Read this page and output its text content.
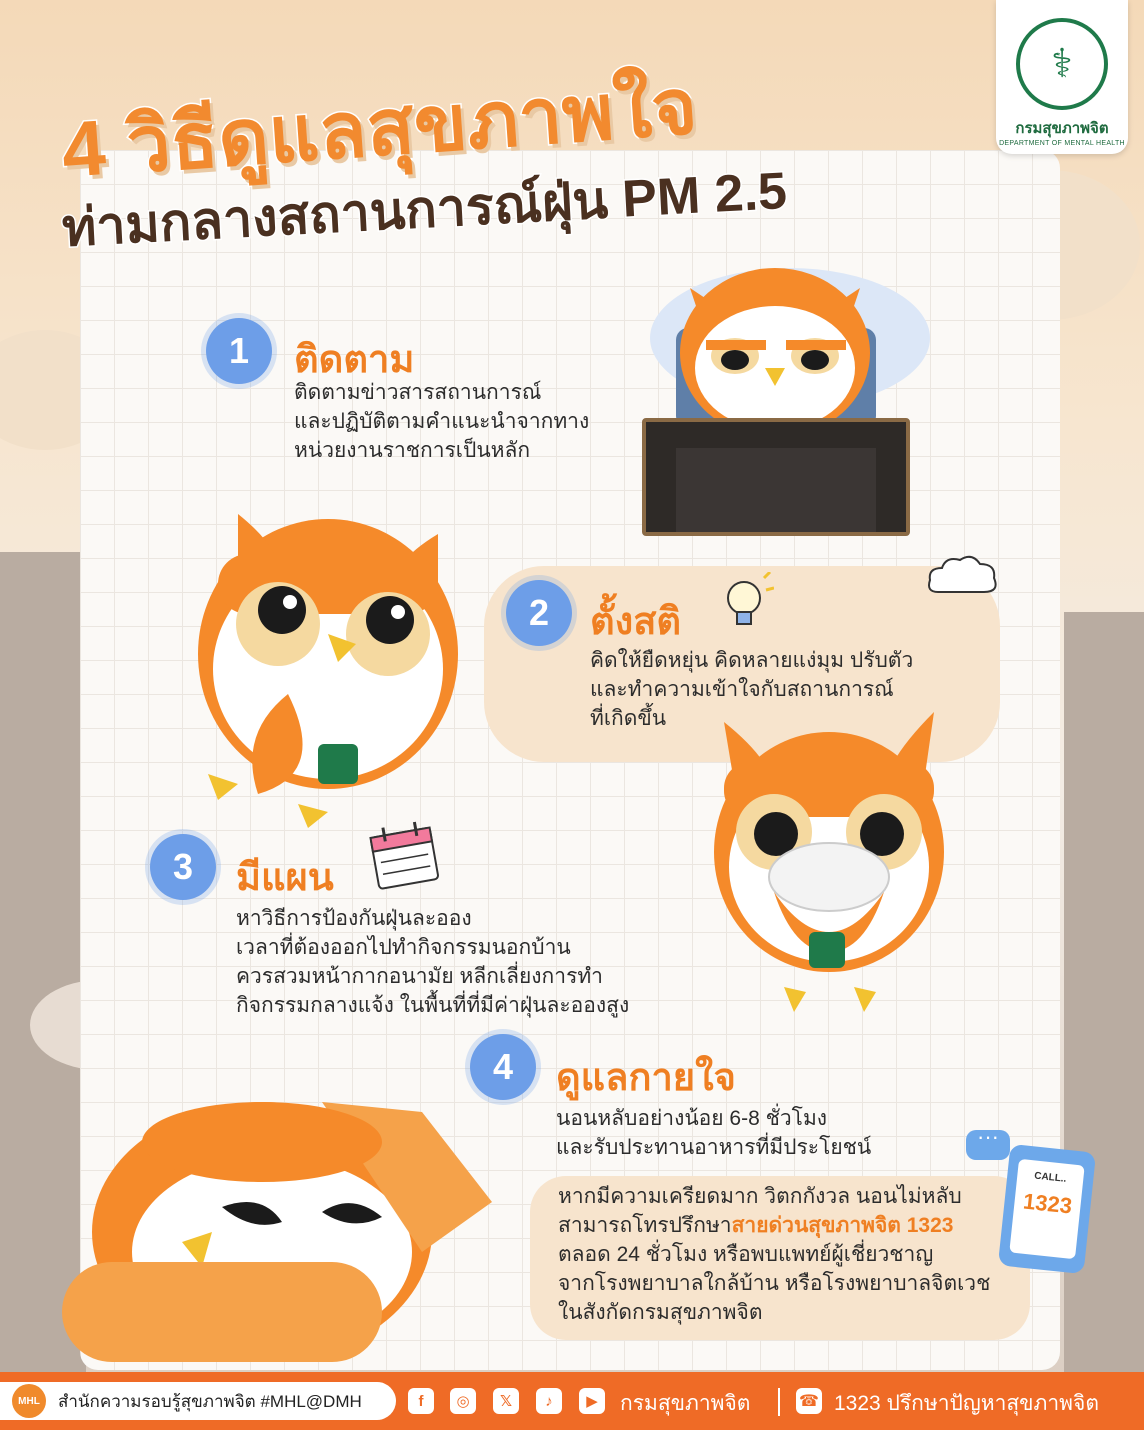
⚕
กรมสุขภาพจิต
DEPARTMENT OF MENTAL HEALTH
4 วิธีดูแลสุขภาพใจ
ท่ามกลางสถานการณ์ฝุ่น PM 2.5
1	ติดตาม
ติดตามข่าวสารสถานการณ์
และปฏิบัติตามคำแนะนำจากทาง
หน่วยงานราชการเป็นหลัก
2	ตั้งสติ
คิดให้ยืดหยุ่น คิดหลายแง่มุม ปรับตัว
และทำความเข้าใจกับสถานการณ์
ที่เกิดขึ้น
3	มีแผน
หาวิธีการป้องกันฝุ่นละออง
เวลาที่ต้องออกไปทำกิจกรรมนอกบ้าน
ควรสวมหน้ากากอนามัย หลีกเลี่ยงการทำ
กิจกรรมกลางแจ้ง ในพื้นที่ที่มีค่าฝุ่นละอองสูง
4	ดูแลกายใจ
นอนหลับอย่างน้อย 6-8 ชั่วโมง
และรับประทานอาหารที่มีประโยชน์
หากมีความเครียดมาก วิตกกังวล นอนไม่หลับ
สามารถโทรปรึกษาสายด่วนสุขภาพจิต 1323
ตลอด 24 ชั่วโมง หรือพบแพทย์ผู้เชี่ยวชาญ
จากโรงพยาบาลใกล้บ้าน หรือโรงพยาบาลจิตเวช
ในสังกัดกรมสุขภาพจิต
···
CALL..
1323
MHL	สำนักความรอบรู้สุขภาพจิต #MHL@DMH	f	◎	𝕏	♪	▶	กรมสุขภาพจิต	☎ 1323 ปรึกษาปัญหาสุขภาพจิต
